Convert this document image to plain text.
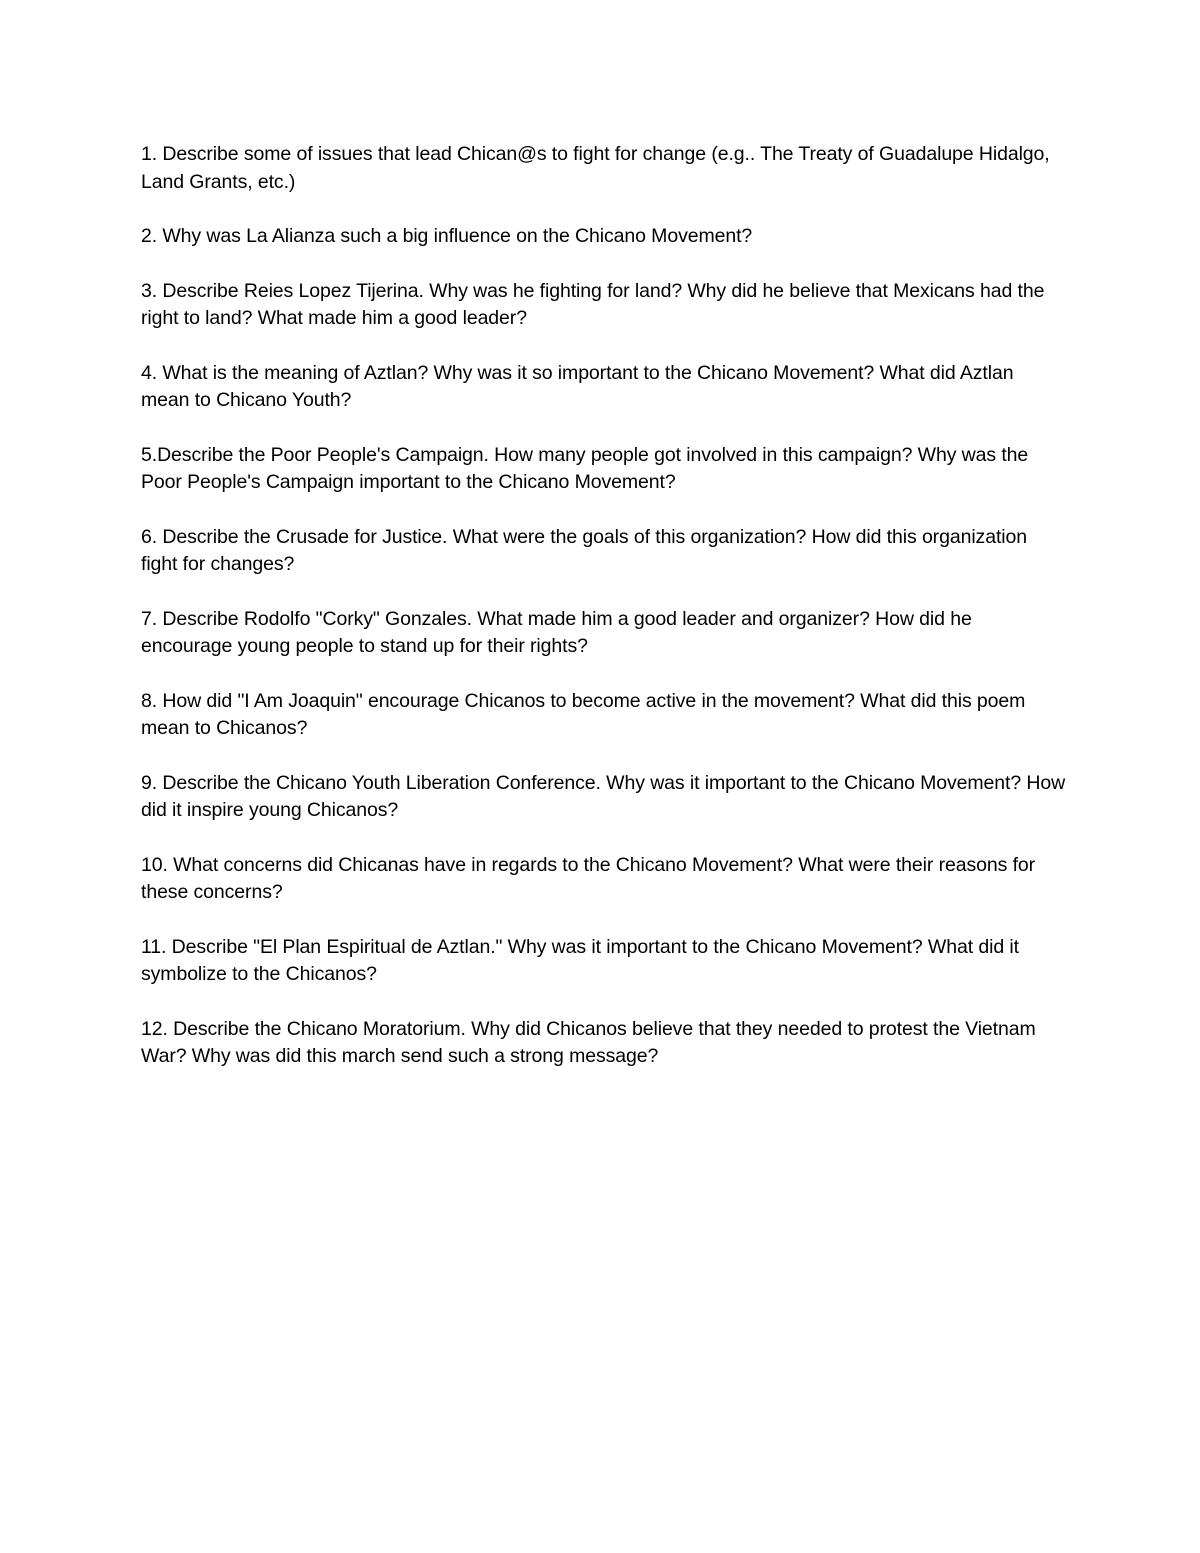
1. Describe some of issues that lead Chican@s to fight for change (e.g.. The Treaty of Guadalupe Hidalgo, Land Grants, etc.)
2. Why was La Alianza such a big influence on the Chicano Movement?
3. Describe Reies Lopez Tijerina. Why was he fighting for land? Why did he believe that Mexicans had the right to land? What made him a good leader?
4. What is the meaning of Aztlan? Why was it so important to the Chicano Movement? What did Aztlan mean to Chicano Youth?
5.Describe the Poor People's Campaign. How many people got involved in this campaign? Why was the Poor People's Campaign important to the Chicano Movement?
6. Describe the Crusade for Justice. What were the goals of this organization? How did this organization fight for changes?
7. Describe Rodolfo "Corky" Gonzales. What made him a good leader and organizer? How did he encourage young people to stand up for their rights?
8. How did "I Am Joaquin" encourage Chicanos to become active in the movement? What did this poem mean to Chicanos?
9. Describe the Chicano Youth Liberation Conference. Why was it important to the Chicano Movement? How did it inspire young Chicanos?
10. What concerns did Chicanas have in regards to the Chicano Movement? What were their reasons for these concerns?
11. Describe "El Plan Espiritual de Aztlan." Why was it important to the Chicano Movement? What did it symbolize to the Chicanos?
12. Describe the Chicano Moratorium. Why did Chicanos believe that they needed to protest the Vietnam War? Why was did this march send such a strong message?
